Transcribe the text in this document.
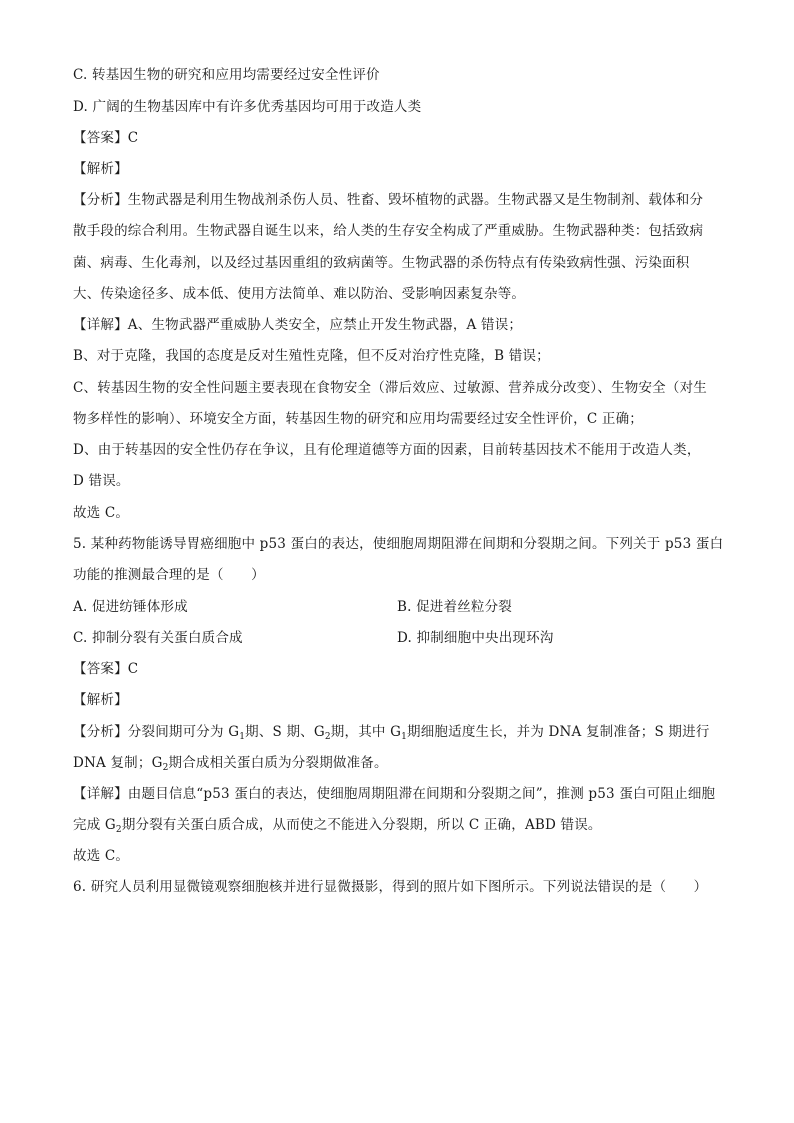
C. 转基因生物的研究和应用均需要经过安全性评价
D. 广阔的生物基因库中有许多优秀基因均可用于改造人类
【答案】C
【解析】
【分析】生物武器是利用生物战剂杀伤人员、牲畜、毁坏植物的武器。生物武器又是生物制剂、载体和分
散手段的综合利用。生物武器自诞生以来，给人类的生存安全构成了严重威胁。生物武器种类：包括致病
菌、病毒、生化毒剂，以及经过基因重组的致病菌等。生物武器的杀伤特点有传染致病性强、污染面积
大、传染途径多、成本低、使用方法简单、难以防治、受影响因素复杂等。
【详解】A、生物武器严重威胁人类安全，应禁止开发生物武器，A 错误；
B、对于克隆，我国的态度是反对生殖性克隆，但不反对治疗性克隆，B 错误；
C、转基因生物的安全性问题主要表现在食物安全（滞后效应、过敏源、营养成分改变）、生物安全（对生
物多样性的影响）、环境安全方面，转基因生物的研究和应用均需要经过安全性评价，C 正确；
D、由于转基因的安全性仍存在争议，且有伦理道德等方面的因素，目前转基因技术不能用于改造人类，
D 错误。
故选 C。
5. 某种药物能诱导胃癌细胞中 p53 蛋白的表达，使细胞周期阻滞在间期和分裂期之间。下列关于 p53 蛋白
功能的推测最合理的是（　　）
A. 促进纺锤体形成	B. 促进着丝粒分裂
C. 抑制分裂有关蛋白质合成	D. 抑制细胞中央出现环沟
【答案】C
【解析】
【分析】分裂间期可分为 $G_1$期、S 期、$G_2$期，其中 $G_1$期细胞适度生长，并为 DNA 复制准备；S 期进行
DNA 复制；$G_2$期合成相关蛋白质为分裂期做准备。
【详解】由题目信息“p53 蛋白的表达，使细胞周期阻滞在间期和分裂期之间”，推测 p53 蛋白可阻止细胞
完成 $G_2$期分裂有关蛋白质合成，从而使之不能进入分裂期，所以 C 正确，ABD 错误。
故选 C。
6. 研究人员利用显微镜观察细胞核并进行显微摄影，得到的照片如下图所示。下列说法错误的是（　　）
